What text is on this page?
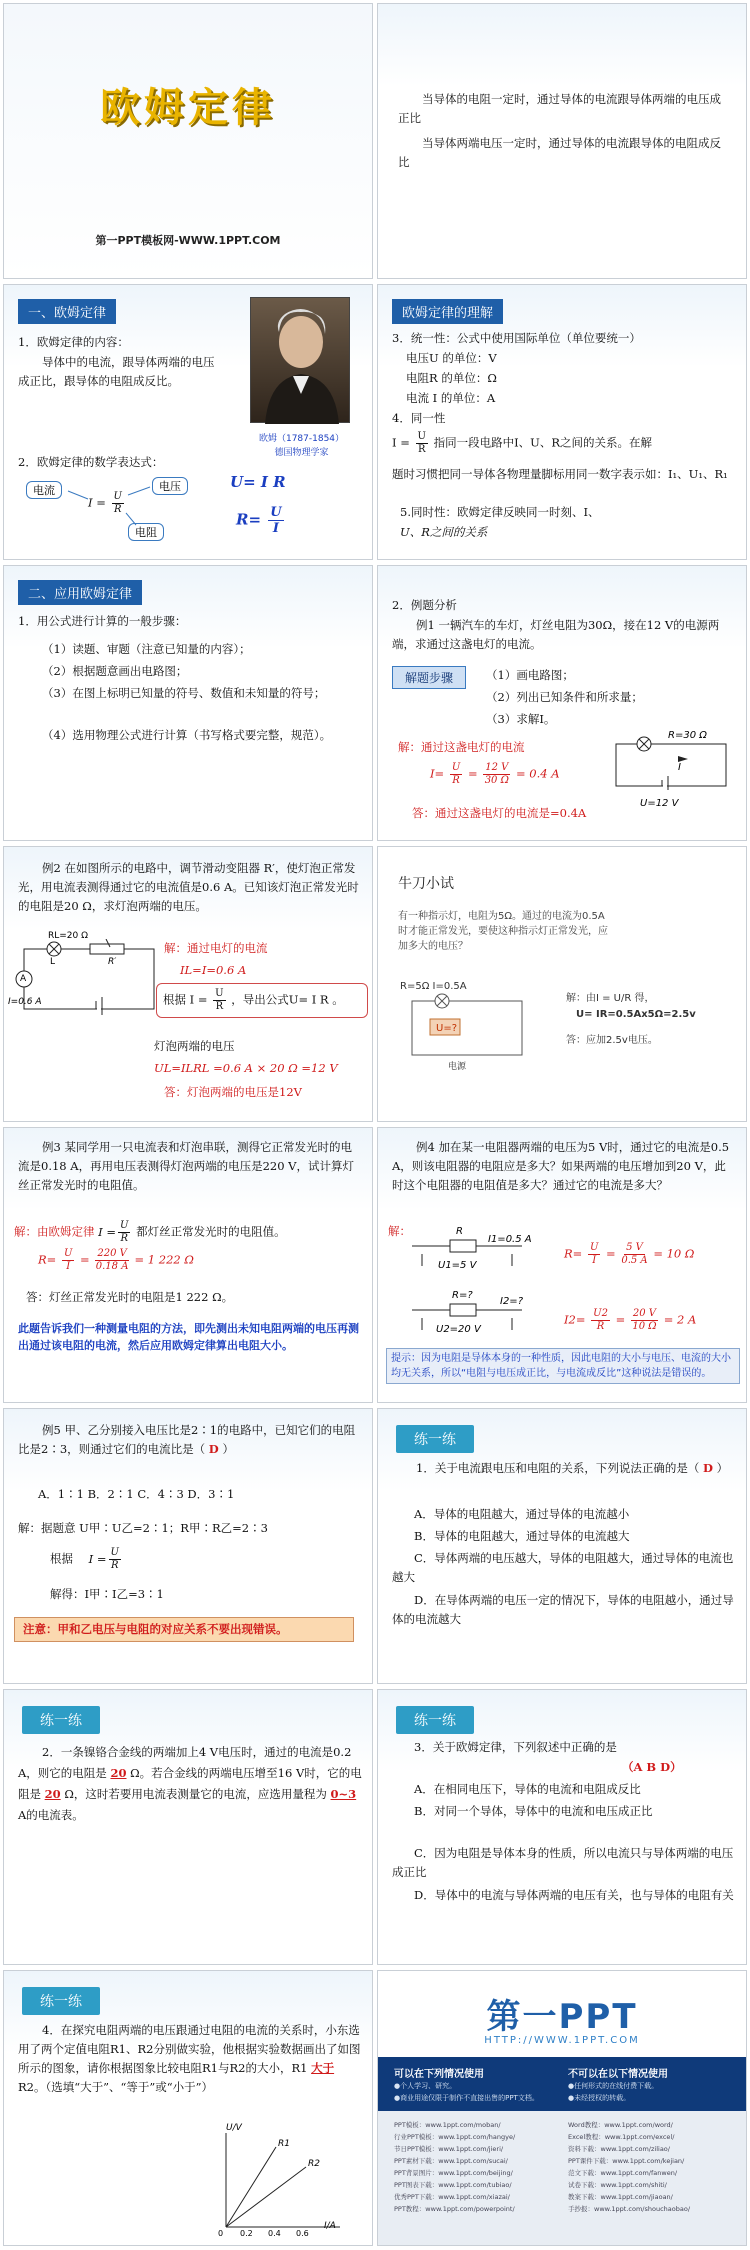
欧姆定律
第一PPT模板网-WWW.1PPT.COM
当导体的电阻一定时，通过导体的电流跟导体两端的电压成正比
当导体两端电压一定时，通过导体的电流跟导体的电阻成反比
一、欧姆定律
1．欧姆定律的内容：
导体中的电流，跟导体两端的电压成正比，跟导体的电阻成反比。
欧姆（1787-1854）
德国物理学家
2．欧姆定律的数学表达式：
电流	电压
电阻
$I = \frac{U}{R}$
U= I R
$R= \frac{U}{I}$
欧姆定律的理解
3．统一性：公式中使用国际单位（单位要统一）
电压U 的单位：V
电阻R 的单位：Ω
电流 I 的单位：A
4．同一性
$I = \frac{U}{R}$ 指同一段电路中I、U、R之间的关系。在解
题时习惯把同一导体各物理量脚标用同一数字表示如：I₁、U₁、R₁
5.同时性：欧姆定律反映同一时刻、I、
U、R之间的关系
二、应用欧姆定律
1．用公式进行计算的一般步骤：
（1）读题、审题（注意已知量的内容）；
（2）根据题意画出电路图；
（3）在图上标明已知量的符号、数值和未知量的符号；
（4）选用物理公式进行计算（书写格式要完整，规范）。
2．例题分析
例1 一辆汽车的车灯，灯丝电阻为30Ω，接在12 V的电源两端，求通过这盏电灯的电流。
解题步骤	（1）画电路图；
（2）列出已知条件和所求量；
（3）求解I。
解：通过这盏电灯的电流
$I= \frac{U}{R} = \frac{12 V}{30 \Omega} = 0.4$ A
答：通过这盏电灯的电流是=0.4A
R=30 Ω
I
U=12 V
例2 在如图所示的电路中，调节滑动变阻器 R′，使灯泡正常发光，用电流表测得通过它的电流值是0.6 A。已知该灯泡正常发光时的电阻是20 Ω，求灯泡两端的电压。
RL=20 Ω
L	R′
A
I=0.6 A
解：通过电灯的电流
IL=I=0.6 A
根据 $I = \frac{U}{R}$ ，导出公式U= I R 。
灯泡两端的电压
UL=ILRL =0.6 A × 20 Ω =12 V
答：灯泡两端的电压是12V
牛刀小试
有一种指示灯，电阻为5Ω。通过的电流为0.5A时才能正常发光，要使这种指示灯正常发光，应加多大的电压？
R=5Ω I=0.5A
U=?
电源
解：由I = U/R 得，
U= IR=0.5Ax5Ω=2.5v
答：应加2.5v电压。
例3 某同学用一只电流表和灯泡串联，测得它正常发光时的电流是0.18 A，再用电压表测得灯泡两端的电压是220 V，试计算灯丝正常发光时的电阻值。
解：由欧姆定律 $I = \frac{U}{R}$ 都灯丝正常发光时的电阻值。
$R= \frac{U}{I} = \frac{220 V}{0.18 A} = 1$ 222 Ω
答：灯丝正常发光时的电阻是1 222 Ω。
此题告诉我们一种测量电阻的方法，即先测出未知电阻两端的电压再测出通过该电阻的电流，然后应用欧姆定律算出电阻大小。
例4 加在某一电阻器两端的电压为5 V时，通过它的电流是0.5 A，则该电阻器的电阻应是多大？如果两端的电压增加到20 V，此时这个电阻器的电阻值是多大？通过它的电流是多大？
解：	R
I1=0.5 A
U1=5 V
R=?
I2=?
U2=20 V
$R= \frac{U}{I} = \frac{5 V}{0.5 A} = 10$ Ω
$I2= \frac{U2}{R} = \frac{20 V}{10 \Omega} = 2$ A
提示：因为电阻是导体本身的一种性质，因此电阻的大小与电压、电流的大小均无关系，所以“电阻与电压成正比，与电流成反比”这种说法是错误的。
例5 甲、乙分别接入电压比是2∶1的电路中，已知它们的电阻比是2∶3，则通过它们的电流比是（ D ）
A．1∶1 B．2∶1 C．4∶3 D．3∶1
解：据题意 U甲∶U乙=2∶1；R甲∶R乙=2∶3
根据 $I = \frac{U}{R}$
解得：I甲∶I乙=3∶1
注意：甲和乙电压与电阻的对应关系不要出现错误。
练一练
1．关于电流跟电压和电阻的关系，下列说法正确的是（ D ）
A．导体的电阻越大，通过导体的电流越小
B．导体的电阻越大，通过导体的电流越大
C．导体两端的电压越大，导体的电阻越大，通过导体的电流也越大
D．在导体两端的电压一定的情况下，导体的电阻越小，通过导体的电流越大
练一练
2．一条镍铬合金线的两端加上4 V电压时，通过的电流是0.2 A，则它的电阻是 20 Ω。若合金线的两端电压增至16 V时，它的电阻是 20 Ω，这时若要用电流表测量它的电流，应选用量程为 0~3 A的电流表。
练一练
3．关于欧姆定律，下列叙述中正确的是
（A B D）
A．在相同电压下，导体的电流和电阻成反比
B．对同一个导体，导体中的电流和电压成正比
C．因为电阻是导体本身的性质，所以电流只与导体两端的电压成正比
D．导体中的电流与导体两端的电压有关，也与导体的电阻有关
练一练
4．在探究电阻两端的电压跟通过电阻的电流的关系时，小东选用了两个定值电阻R1、R2分别做实验，他根据实验数据画出了如图所示的图象，请你根据图象比较电阻R1与R2的大小，R1 大于 R2。（选填“大于”、“等于”或“小于”）
U/V
I/A
0 0.2 0.4 0.6
R1
R2
第一PPT
HTTP://WWW.1PPT.COM
可以在下列情况使用
●个人学习、研究。
●商业用途仅限于制作不直接出售的PPT文档。
不可以在以下情况使用
●任何形式的在线付费下载。
●未经授权的转载。
PPT模板：www.1ppt.com/moban/
行业PPT模板：www.1ppt.com/hangye/
节日PPT模板：www.1ppt.com/jieri/
PPT素材下载：www.1ppt.com/sucai/
PPT背景图片：www.1ppt.com/beijing/
PPT图表下载：www.1ppt.com/tubiao/
优秀PPT下载：www.1ppt.com/xiazai/
PPT教程：www.1ppt.com/powerpoint/
Word教程：www.1ppt.com/word/
Excel教程：www.1ppt.com/excel/
资料下载：www.1ppt.com/ziliao/
PPT课件下载：www.1ppt.com/kejian/
范文下载：www.1ppt.com/fanwen/
试卷下载：www.1ppt.com/shiti/
教案下载：www.1ppt.com/jiaoan/
手抄报：www.1ppt.com/shouchaobao/
